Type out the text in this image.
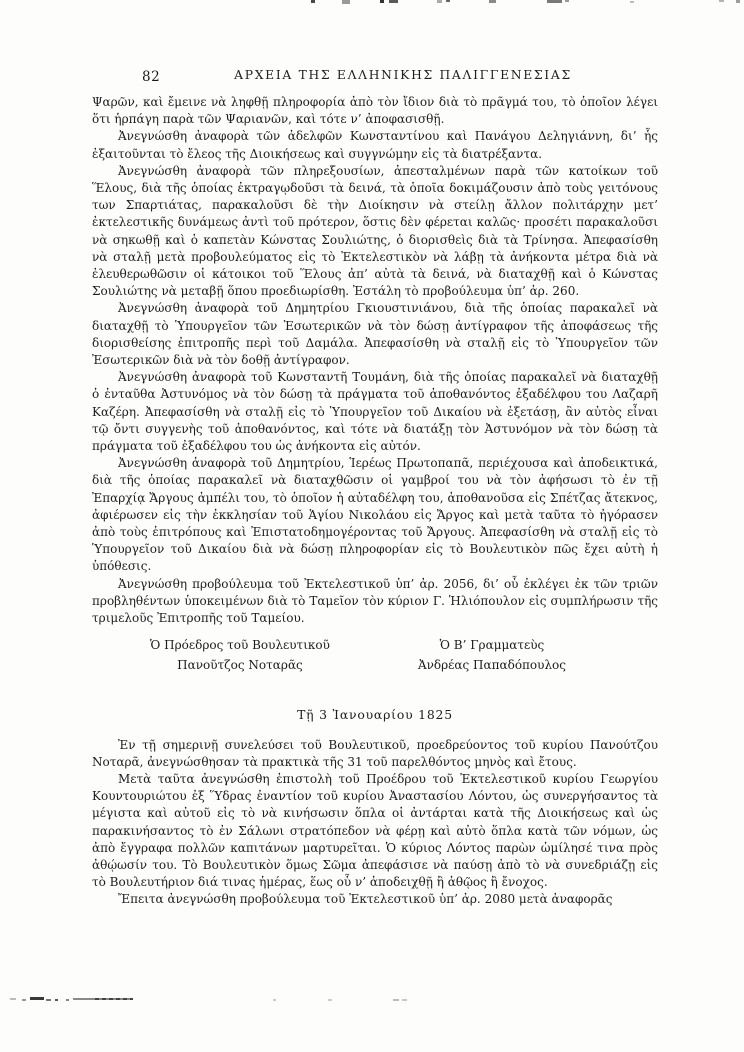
82	ΑΡΧΕΙΑ ΤΗΣ ΕΛΛΗΝΙΚΗΣ ΠΑΛΙΓΓΕΝΕΣΙΑΣ

Ψαρῶν, καὶ ἔμεινε νὰ ληφθῇ πληροφορία ἀπὸ τὸν ἴδιον διὰ τὸ πρᾶγμά του, τὸ ὁποῖον λέγει ὅτι ἡρπάγη παρὰ τῶν Ψαριανῶν, καὶ τότε ν’ ἀποφασισθῇ.

Ἀνεγνώσθη ἀναφορὰ τῶν ἀδελφῶν Κωνσταντίνου καὶ Πανάγου Δεληγιάννη, δι’ ἧς ἐξαιτοῦνται τὸ ἔλεος τῆς Διοικήσεως καὶ συγγνώμην εἰς τὰ διατρέξαντα.

Ἀνεγνώσθη ἀναφορὰ τῶν πληρεξουσίων, ἀπεσταλμένων παρὰ τῶν κατοίκων τοῦ Ἕλους, διὰ τῆς ὁποίας ἐκτραγῳδοῦσι τὰ δεινά, τὰ ὁποῖα δοκιμάζουσιν ἀπὸ τοὺς γειτόνους των Σπαρτιάτας, παρακαλοῦσι δὲ τὴν Διοίκησιν νὰ στείλῃ ἄλλον πολιτάρχην μετ’ ἐκτελεστικῆς δυνάμεως ἀντὶ τοῦ πρότερον, ὅστις δὲν φέρεται καλῶς· προσέτι παρακαλοῦσι νὰ σηκωθῇ καὶ ὁ καπετὰν Κώνστας Σουλιώτης, ὁ διορισθεὶς διὰ τὰ Τρίνησα. Ἀπεφασίσθη νὰ σταλῇ μετὰ προβουλεύματος εἰς τὸ Ἐκτελεστικὸν νὰ λάβῃ τὰ ἀνήκοντα μέτρα διὰ νὰ ἐλευθερωθῶσιν οἱ κάτοικοι τοῦ Ἕλους ἀπ’ αὐτὰ τὰ δεινά, νὰ διαταχθῇ καὶ ὁ Κώνστας Σουλιώτης νὰ μεταβῇ ὅπου προεδιωρίσθη. Ἐστάλη τὸ προβούλευμα ὑπ’ ἀρ. 260.

Ἀνεγνώσθη ἀναφορὰ τοῦ Δημητρίου Γκιουστινιάνου, διὰ τῆς ὁποίας παρακαλεῖ νὰ διαταχθῇ τὸ Ὑπουργεῖον τῶν Ἐσωτερικῶν νὰ τὸν δώσῃ ἀντίγραφον τῆς ἀποφάσεως τῆς διορισθείσης ἐπιτροπῆς περὶ τοῦ Δαμάλα. Ἀπεφασίσθη νὰ σταλῇ εἰς τὸ Ὑπουργεῖον τῶν Ἐσωτερικῶν διὰ νὰ τὸν δοθῇ ἀντίγραφον.

Ἀνεγνώσθη ἀναφορὰ τοῦ Κωνσταντῆ Τουμάνη, διὰ τῆς ὁποίας παρακαλεῖ νὰ διαταχθῇ ὁ ἐνταῦθα Ἀστυνόμος νὰ τὸν δώσῃ τὰ πράγματα τοῦ ἀποθανόντος ἐξαδέλφου του Λαζαρῆ Καζέρη. Ἀπεφασίσθη νὰ σταλῇ εἰς τὸ Ὑπουργεῖον τοῦ Δικαίου νὰ ἐξετάσῃ, ἂν αὐτὸς εἶναι τῷ ὄντι συγγενὴς τοῦ ἀποθανόντος, καὶ τότε νὰ διατάξῃ τὸν Ἀστυνόμον νὰ τὸν δώσῃ τὰ πράγματα τοῦ ἐξαδέλφου του ὡς ἀνήκοντα εἰς αὐτόν.

Ἀνεγνώσθη ἀναφορὰ τοῦ Δημητρίου, Ἱερέως Πρωτοπαπᾶ, περιέχουσα καὶ ἀποδεικτικά, διὰ τῆς ὁποίας παρακαλεῖ νὰ διαταχθῶσιν οἱ γαμβροί του νὰ τὸν ἀφήσωσι τὸ ἐν τῇ Ἐπαρχίᾳ Ἄργους ἀμπέλι του, τὸ ὁποῖον ἡ αὐταδέλφη του, ἀποθανοῦσα εἰς Σπέτζας ἄτεκνος, ἀφιέρωσεν εἰς τὴν ἐκκλησίαν τοῦ Ἁγίου Νικολάου εἰς Ἄργος καὶ μετὰ ταῦτα τὸ ἠγόρασεν ἀπὸ τοὺς ἐπιτρόπους καὶ Ἐπιστατοδημογέροντας τοῦ Ἄργους. Ἀπεφασίσθη νὰ σταλῇ εἰς τὸ Ὑπουργεῖον τοῦ Δικαίου διὰ νὰ δώσῃ πληροφορίαν εἰς τὸ Βουλευτικὸν πῶς ἔχει αὐτὴ ἡ ὑπόθεσις.

Ἀνεγνώσθη προβούλευμα τοῦ Ἐκτελεστικοῦ ὑπ’ ἀρ. 2056, δι’ οὗ ἐκλέγει ἐκ τῶν τριῶν προβληθέντων ὑποκειμένων διὰ τὸ Ταμεῖον τὸν κύριον Γ. Ἡλιόπουλον εἰς συμπλήρωσιν τῆς τριμελοῦς Ἐπιτροπῆς τοῦ Ταμείου.

Ὁ Πρόεδρος τοῦ Βουλευτικοῦ
Πανοῦτζος Νοταρᾶς
Ὁ Β’ Γραμματεὺς
Ἀνδρέας Παπαδόπουλος
Τῇ 3 Ἰανουαρίου 1825

Ἐν τῇ σημερινῇ συνελεύσει τοῦ Βουλευτικοῦ, προεδρεύοντος τοῦ κυρίου Πανούτζου Νοταρᾶ, ἀνεγνώσθησαν τὰ πρακτικὰ τῆς 31 τοῦ παρελθόντος μηνὸς καὶ ἔτους.

Μετὰ ταῦτα ἀνεγνώσθη ἐπιστολὴ τοῦ Προέδρου τοῦ Ἐκτελεστικοῦ κυρίου Γεωργίου Κουντουριώτου ἐξ Ὕδρας ἐναντίον τοῦ κυρίου Ἀναστασίου Λόντου, ὡς συνεργήσαντος τὰ μέγιστα καὶ αὐτοῦ εἰς τὸ νὰ κινήσωσιν ὅπλα οἱ ἀντάρται κατὰ τῆς Διοικήσεως καὶ ὡς παρακινήσαντος τὸ ἐν Σάλωνι στρατόπεδον νὰ φέρῃ καὶ αὐτὸ ὅπλα κατὰ τῶν νόμων, ὡς ἀπὸ ἔγγραφα πολλῶν καπιτάνων μαρτυρεῖται. Ὁ κύριος Λόντος παρὼν ὡμίλησέ τινα πρὸς ἀθῴωσίν του. Τὸ Βουλευτικὸν ὅμως Σῶμα ἀπεφάσισε νὰ παύσῃ ἀπὸ τὸ νὰ συνεδριάζῃ εἰς τὸ Βουλευτήριον διά τινας ἡμέρας, ἕως οὗ ν’ ἀποδειχθῇ ἢ ἀθῷος ἢ ἔνοχος.

Ἔπειτα ἀνεγνώσθη προβούλευμα τοῦ Ἐκτελεστικοῦ ὑπ’ ἀρ. 2080 μετὰ ἀναφορᾶς
